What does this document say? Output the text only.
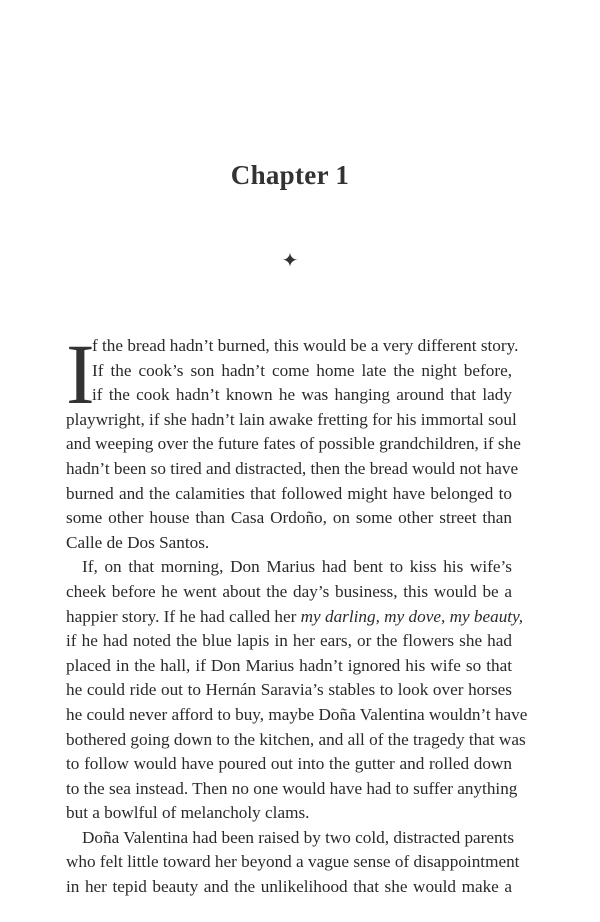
Chapter 1
✦
I
f the bread hadn’t burned, this would be a very different story.
If the cook’s son hadn’t come home late the night before,
if the cook hadn’t known he was hanging around that lady
playwright, if she hadn’t lain awake fretting for his immortal soul
and weeping over the future fates of possible grandchildren, if she
hadn’t been so tired and distracted, then the bread would not have
burned and the calamities that followed might have belonged to
some other house than Casa Ordoño, on some other street than
Calle de Dos Santos.
If, on that morning, Don Marius had bent to kiss his wife’s
cheek before he went about the day’s business, this would be a
happier story. If he had called her my darling, my dove, my beauty,
if he had noted the blue lapis in her ears, or the flowers she had
placed in the hall, if Don Marius hadn’t ignored his wife so that
he could ride out to Hernán Saravia’s stables to look over horses
he could never afford to buy, maybe Doña Valentina wouldn’t have
bothered going down to the kitchen, and all of the tragedy that was
to follow would have poured out into the gutter and rolled down
to the sea instead. Then no one would have had to suffer anything
but a bowlful of melancholy clams.
Doña Valentina had been raised by two cold, distracted parents
who felt little toward her beyond a vague sense of disappointment
in her tepid beauty and the unlikelihood that she would make a
